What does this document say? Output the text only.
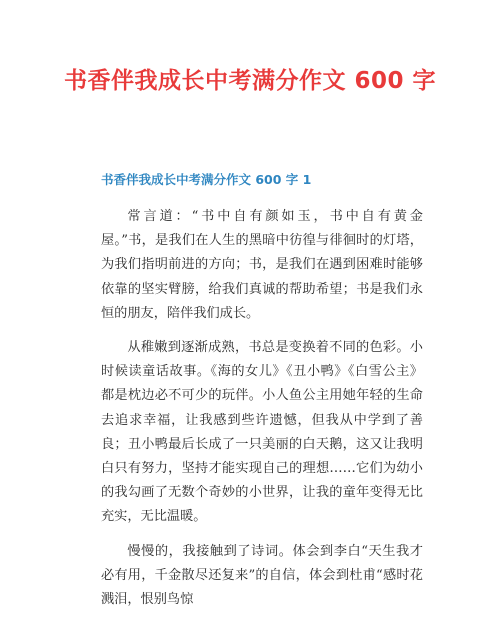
书香伴我成长中考满分作文 600 字
书香伴我成长中考满分作文 600 字 1

常言道：“书中自有颜如玉，书中自有黄金屋。”书，是我们在人生的黑暗中彷徨与徘徊时的灯塔，为我们指明前进的方向；书，是我们在遇到困难时能够依靠的坚实臂膀，给我们真诚的帮助希望；书是我们永恒的朋友，陪伴我们成长。

从稚嫩到逐渐成熟，书总是变换着不同的色彩。小时候读童话故事。《海的女儿》《丑小鸭》《白雪公主》都是枕边必不可少的玩伴。小人鱼公主用她年轻的生命去追求幸福，让我感到些许遗憾，但我从中学到了善良；丑小鸭最后长成了一只美丽的白天鹅，这又让我明白只有努力，坚持才能实现自己的理想……它们为幼小的我勾画了无数个奇妙的小世界，让我的童年变得无比充实，无比温暖。

慢慢的，我接触到了诗词。体会到李白“天生我才必有用，千金散尽还复来”的自信，体会到杜甫“感时花溅泪，恨别鸟惊
